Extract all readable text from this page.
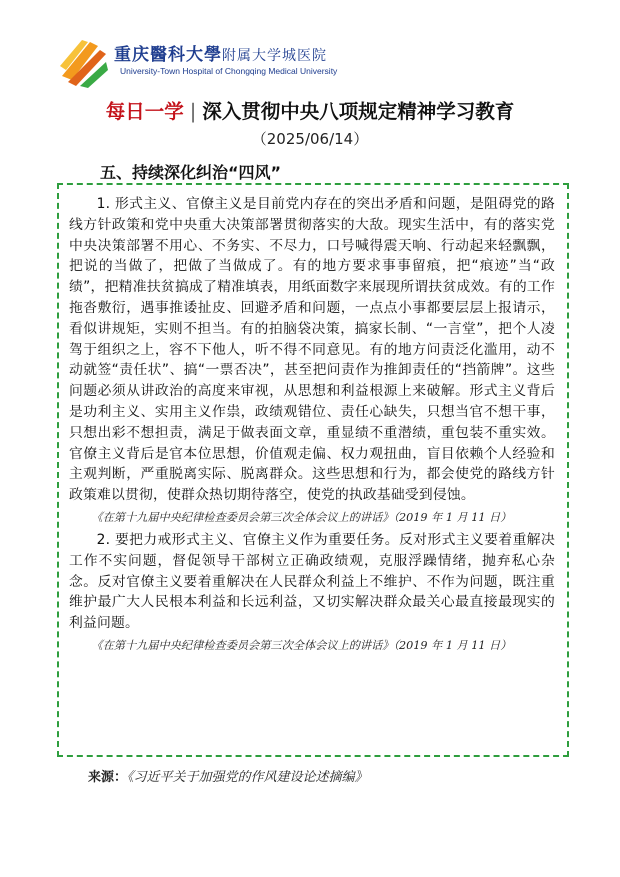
重庆醫科大學附属大学城医院
University-Town Hospital of Chongqing Medical University
每日一学 | 深入贯彻中央八项规定精神学习教育
（2025/06/14）
五、持续深化纠治“四风”

1. 形式主义、官僚主义是目前党内存在的突出矛盾和问题，是阻碍党的路线方针政策和党中央重大决策部署贯彻落实的大敌。现实生活中，有的落实党中央决策部署不用心、不务实、不尽力，口号喊得震天响、行动起来轻飘飘，把说的当做了，把做了当做成了。有的地方要求事事留痕，把“痕迹”当“政绩”，把精准扶贫搞成了精准填表，用纸面数字来展现所谓扶贫成效。有的工作拖沓敷衍，遇事推诿扯皮、回避矛盾和问题，一点点小事都要层层上报请示，看似讲规矩，实则不担当。有的拍脑袋决策，搞家长制、“一言堂”，把个人凌驾于组织之上，容不下他人，听不得不同意见。有的地方问责泛化滥用，动不动就签“责任状”、搞“一票否决”，甚至把问责作为推卸责任的“挡箭牌”。这些问题必须从讲政治的高度来审视，从思想和利益根源上来破解。形式主义背后是功利主义、实用主义作祟，政绩观错位、责任心缺失，只想当官不想干事，只想出彩不想担责，满足于做表面文章，重显绩不重潜绩，重包装不重实效。官僚主义背后是官本位思想，价值观走偏、权力观扭曲，盲目依赖个人经验和主观判断，严重脱离实际、脱离群众。这些思想和行为，都会使党的路线方针政策难以贯彻，使群众热切期待落空，使党的执政基础受到侵蚀。

《在第十九届中央纪律检查委员会第三次全体会议上的讲话》（2019 年 1 月 11 日）

2. 要把力戒形式主义、官僚主义作为重要任务。反对形式主义要着重解决工作不实问题，督促领导干部树立正确政绩观，克服浮躁情绪，抛弃私心杂念。反对官僚主义要着重解决在人民群众利益上不维护、不作为问题，既注重维护最广大人民根本利益和长远利益，又切实解决群众最关心最直接最现实的利益问题。

《在第十九届中央纪律检查委员会第三次全体会议上的讲话》（2019 年 1 月 11 日）

来源：《习近平关于加强党的作风建设论述摘编》
